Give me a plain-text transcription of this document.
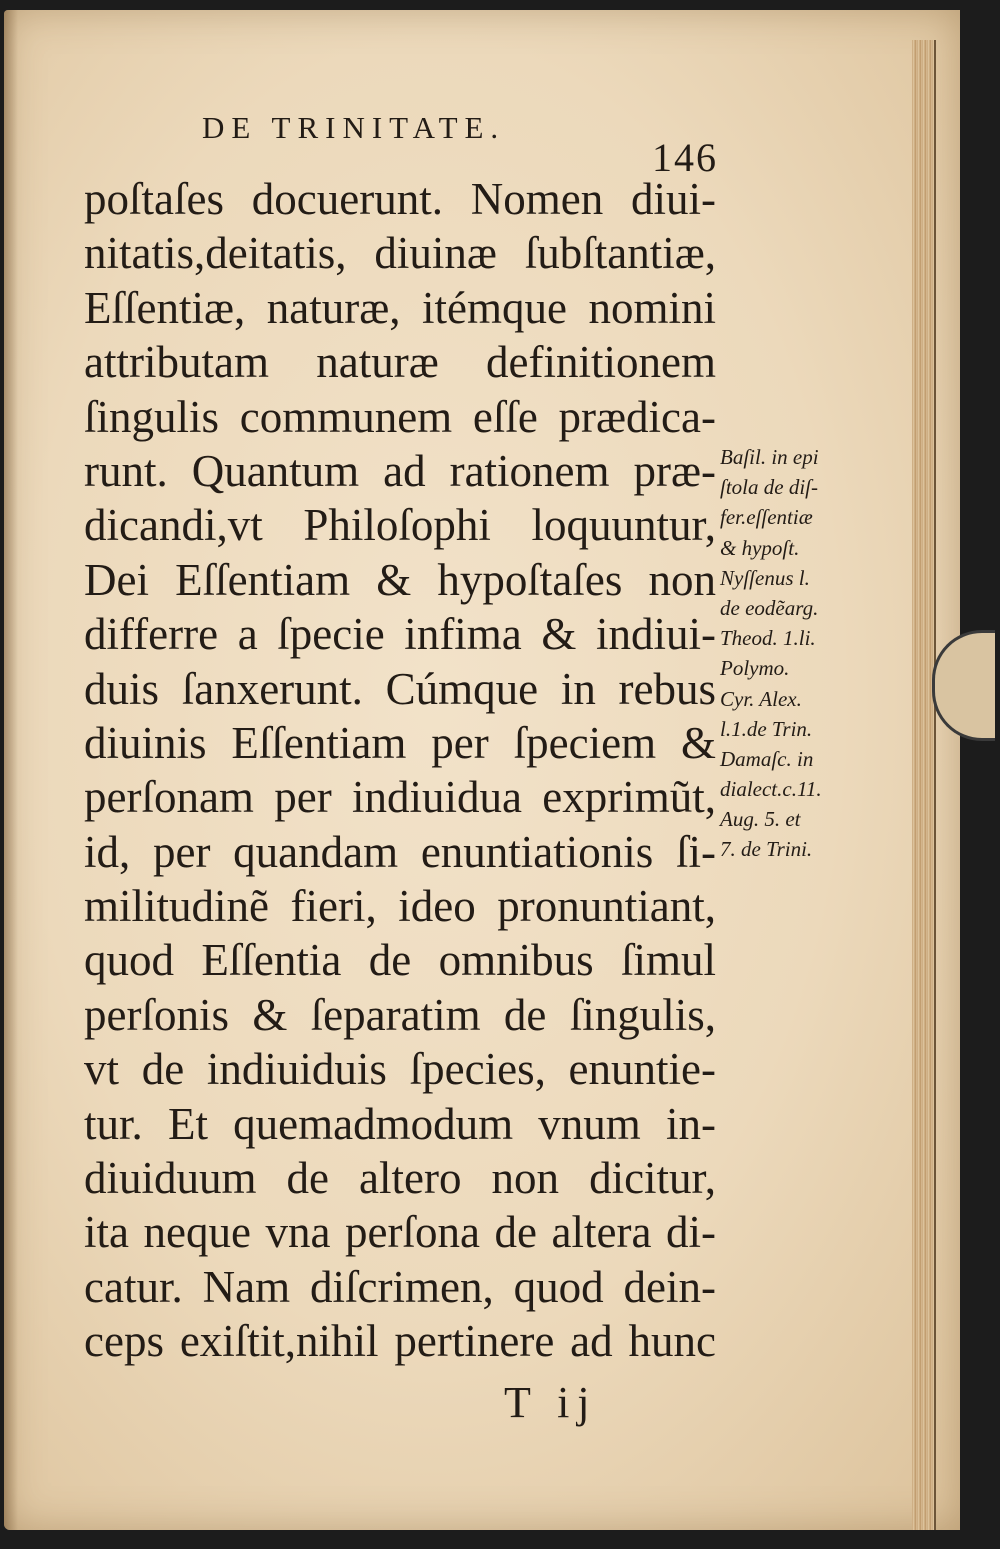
DE TRINITATE.
146
poſtaſes docuerunt. Nomen diui-
nitatis,deitatis, diuinæ ſubſtantiæ,
Eſſentiæ, naturæ, itémque nomini
attributam naturæ definitionem
ſingulis communem eſſe prædica-
runt. Quantum ad rationem præ-
dicandi,vt Philoſophi loquuntur,
Dei Eſſentiam & hypoſtaſes non
differre a ſpecie infima & indiui-
duis ſanxerunt. Cúmque in rebus
diuinis Eſſentiam per ſpeciem &
perſonam per indiuidua exprimũt,
id, per quandam enuntiationis ſi-
militudinẽ fieri, ideo pronuntiant,
quod Eſſentia de omnibus ſimul
perſonis & ſeparatim de ſingulis,
vt de indiuiduis ſpecies, enuntie-
tur. Et quemadmodum vnum in-
diuiduum de altero non dicitur,
ita neque vna perſona de altera di-
catur. Nam diſcrimen, quod dein-
ceps exiſtit,nihil pertinere ad hunc
Baſil. in epi
ſtola de diſ-
fer.eſſentiæ
& hypoſt.
Nyſſenus l.
de eodẽarg.
Theod. 1.li.
Polymo.
Cyr. Alex.
l.1.de Trin.
Damaſc. in
dialect.c.11.
Aug. 5. et
7. de Trini.
T ij
